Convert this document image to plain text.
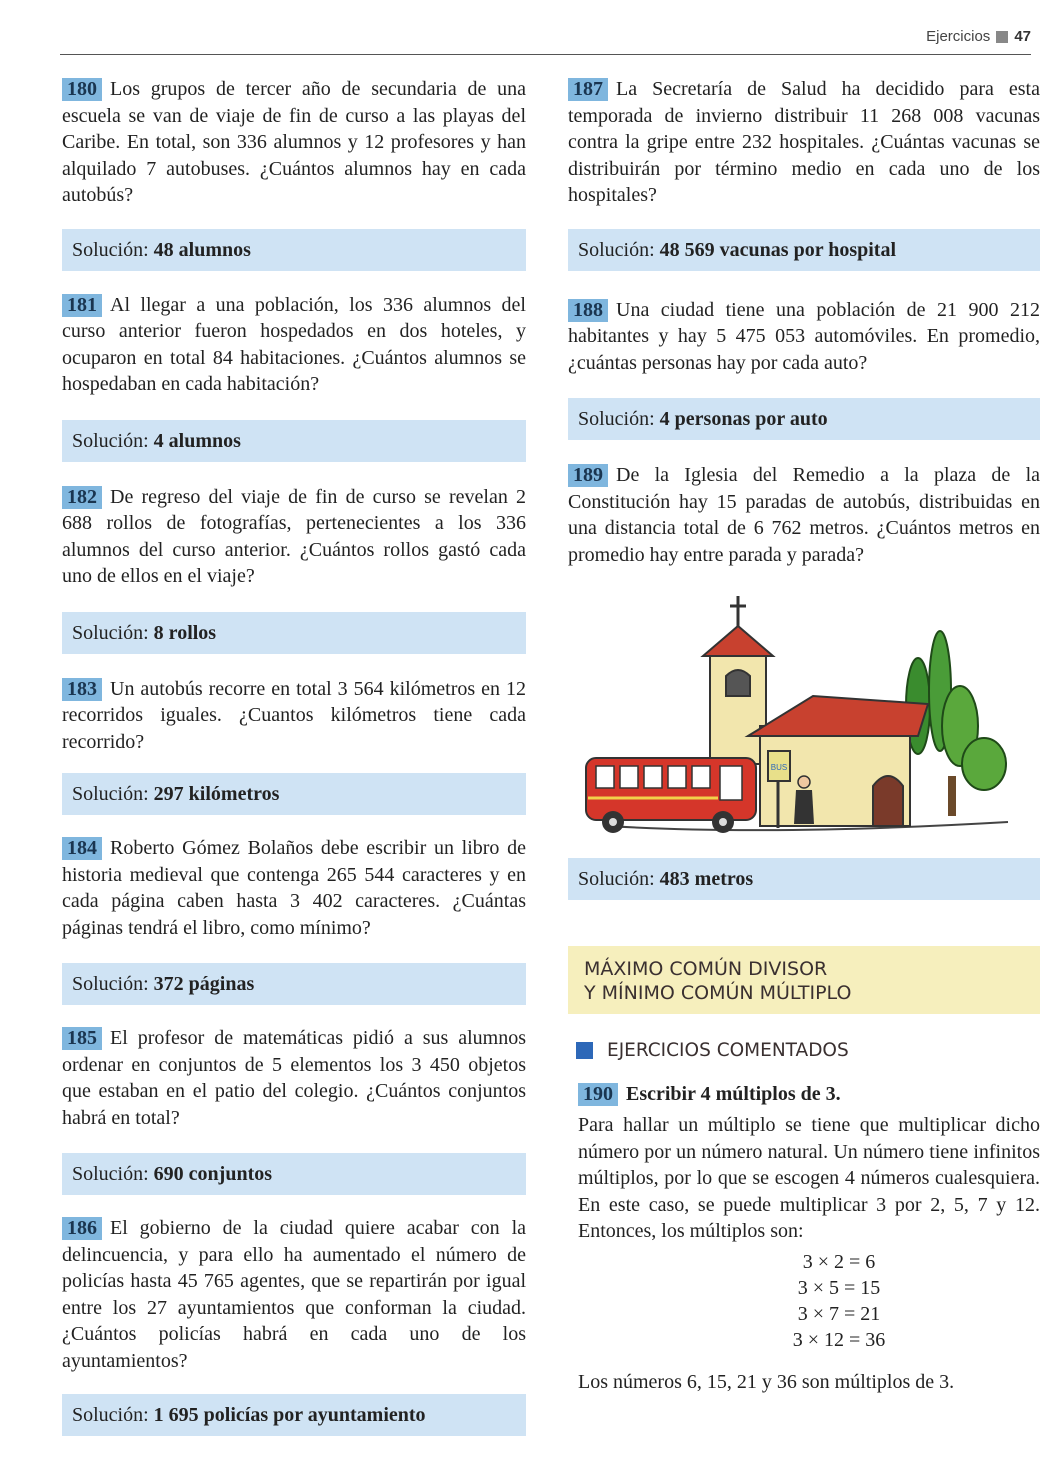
Ejercicios 47

180 Los grupos de tercer año de secundaria de una escuela se van de viaje de fin de curso a las playas del Caribe. En total, son 336 alumnos y 12 profesores y han alquilado 7 autobuses. ¿Cuántos alumnos hay en cada autobús?

Solución: 48 alumnos

181 Al llegar a una población, los 336 alumnos del curso anterior fueron hospedados en dos hoteles, y ocuparon en total 84 habitaciones. ¿Cuántos alumnos se hospedaban en cada habitación?

Solución: 4 alumnos

182 De regreso del viaje de fin de curso se revelan 2 688 rollos de fotografías, pertenecientes a los 336 alumnos del curso anterior. ¿Cuántos rollos gastó cada uno de ellos en el viaje?

Solución: 8 rollos

183 Un autobús recorre en total 3 564 kilómetros en 12 recorridos iguales. ¿Cuantos kilómetros tiene cada recorrido?

Solución: 297 kilómetros

184 Roberto Gómez Bolaños debe escribir un libro de historia medieval que contenga 265 544 caracteres y en cada página caben hasta 3 402 caracteres. ¿Cuántas páginas tendrá el libro, como mínimo?

Solución: 372 páginas

185 El profesor de matemáticas pidió a sus alumnos ordenar en conjuntos de 5 elementos los 3 450 objetos que estaban en el patio del colegio. ¿Cuántos conjuntos habrá en total?

Solución: 690 conjuntos

186 El gobierno de la ciudad quiere acabar con la delincuencia, y para ello ha aumentado el número de policías hasta 45 765 agentes, que se repartirán por igual entre los 27 ayuntamientos que conforman la ciudad. ¿Cuántos policías habrá en cada uno de los ayuntamientos?

Solución: 1 695 policías por ayuntamiento

187 La Secretaría de Salud ha decidido para esta temporada de invierno distribuir 11 268 008 vacunas contra la gripe entre 232 hospitales. ¿Cuántas vacunas se distribuirán por término medio en cada uno de los hospitales?

Solución: 48 569 vacunas por hospital

188 Una ciudad tiene una población de 21 900 212 habitantes y hay 5 475 053 automóviles. En promedio, ¿cuántas personas hay por cada auto?

Solución: 4 personas por auto

189 De la Iglesia del Remedio a la plaza de la Constitución hay 15 paradas de autobús, distribuidas en una distancia total de 6 762 metros. ¿Cuántos metros en promedio hay entre parada y parada?

BUS
Solución: 483 metros
MÁXIMO COMÚN DIVISOR
Y MÍNIMO COMÚN MÚLTIPLO
EJERCICIOS COMENTADOS
190 Escribir 4 múltiplos de 3.

Para hallar un múltiplo se tiene que multiplicar dicho número por un número natural. Un número tiene infinitos múltiplos, por lo que se escogen 4 números cualesquiera. En este caso, se puede multiplicar 3 por 2, 5, 7 y 12. Entonces, los múltiplos son:

3 × 2 = 6
3 × 5 = 15
3 × 7 = 21
3 × 12 = 36

Los números 6, 15, 21 y 36 son múltiplos de 3.
